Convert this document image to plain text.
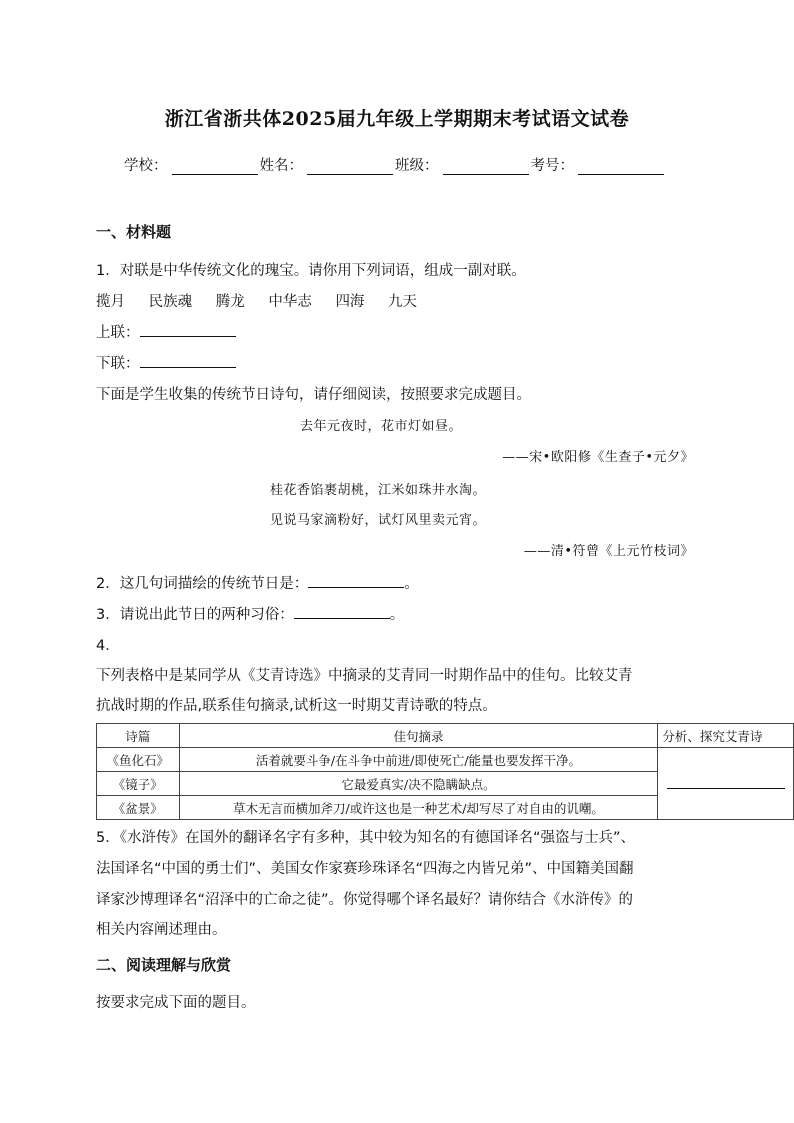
浙江省浙共体2025届九年级上学期期末考试语文试卷
学校：	姓名：	班级：	考号：
一、材料题
1．对联是中华传统文化的瑰宝。请你用下列词语，组成一副对联。
揽月 民族魂 腾龙 中华志 四海 九天
上联：
下联：
下面是学生收集的传统节日诗句，请仔细阅读，按照要求完成题目。
去年元夜时，花市灯如昼。
——宋•欧阳修《生查子•元夕》
桂花香馅裹胡桃，江米如珠井水淘。
见说马家滴粉好，试灯风里卖元宵。
——清•符曾《上元竹枝词》
2．这几句词描绘的传统节日是：	。
3．请说出此节日的两种习俗：	。
4．
下列表格中是某同学从《艾青诗选》中摘录的艾青同一时期作品中的佳句。比较艾青
抗战时期的作品,联系佳句摘录,试析这一时期艾青诗歌的特点。
诗篇	佳句摘录	分析、探究艾青诗
《鱼化石》	活着就要斗争/在斗争中前进/即使死亡/能量也要发挥干净。	
《镜子》	它最爱真实/决不隐瞒缺点。	
《盆景》	草木无言而横加斧刀/或许这也是一种艺术/却写尽了对自由的讥嘲。	
5．《水浒传》在国外的翻译名字有多种，其中较为知名的有德国译名“强盗与士兵”、
法国译名“中国的勇士们”、美国女作家赛珍珠译名“四海之内皆兄弟”、中国籍美国翻
译家沙博理译名“沼泽中的亡命之徒”。你觉得哪个译名最好？请你结合《水浒传》的
相关内容阐述理由。
二、阅读理解与欣赏
按要求完成下面的题目。
